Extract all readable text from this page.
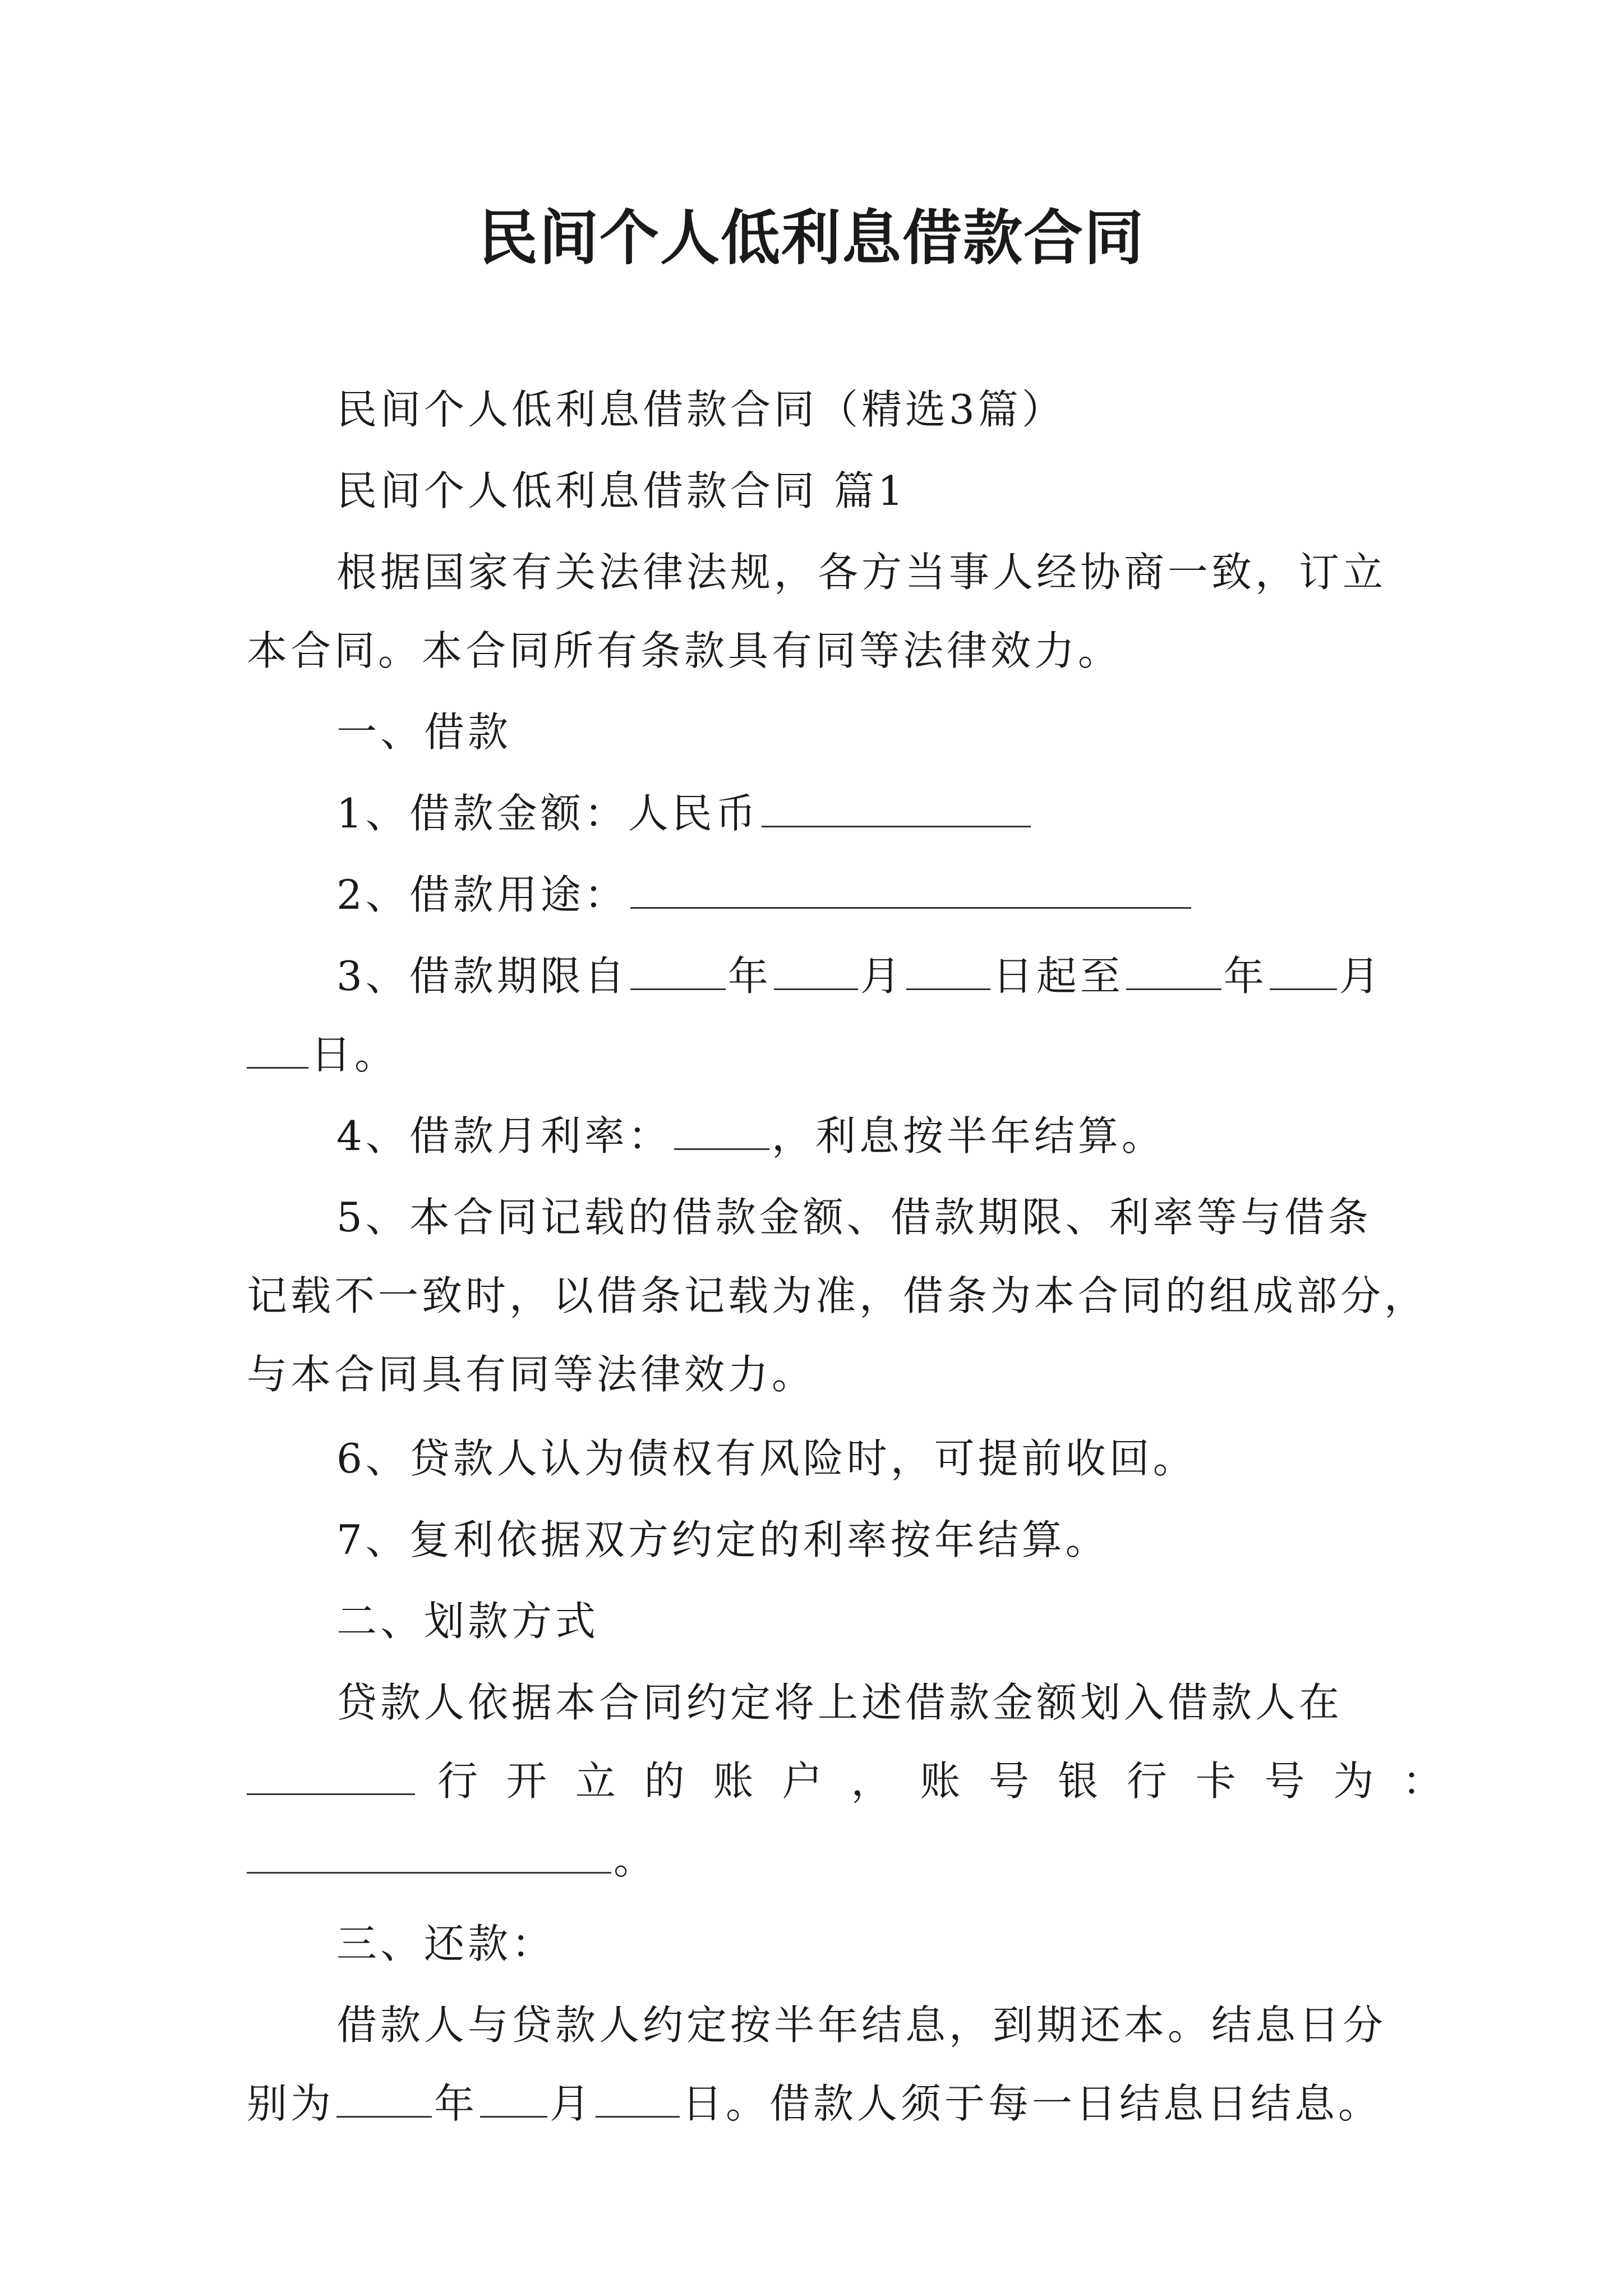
民间个人低利息借款合同
民间个人低利息借款合同（精选3篇）
民间个人低利息借款合同 篇1
根据国家有关法律法规，各方当事人经协商一致，订立
本合同。本合同所有条款具有同等法律效力。
一、借款
1、借款金额：人民币
2、借款用途：
3、借款期限自 年 月 日起至 年 月
日。
4、借款月利率： ，利息按半年结算。
5、本合同记载的借款金额、借款期限、利率等与借条
记载不一致时，以借条记载为准，借条为本合同的组成部分，
与本合同具有同等法律效力。
6、贷款人认为债权有风险时，可提前收回。
7、复利依据双方约定的利率按年结算。
二、划款方式
贷款人依据本合同约定将上述借款金额划入借款人在
行 开 立 的 账 户 ， 账 号 银 行 卡 号 为 ：
。
三、还款：
借款人与贷款人约定按半年结息，到期还本。结息日分
别为 年 月 日。借款人须于每一日结息日结息。
